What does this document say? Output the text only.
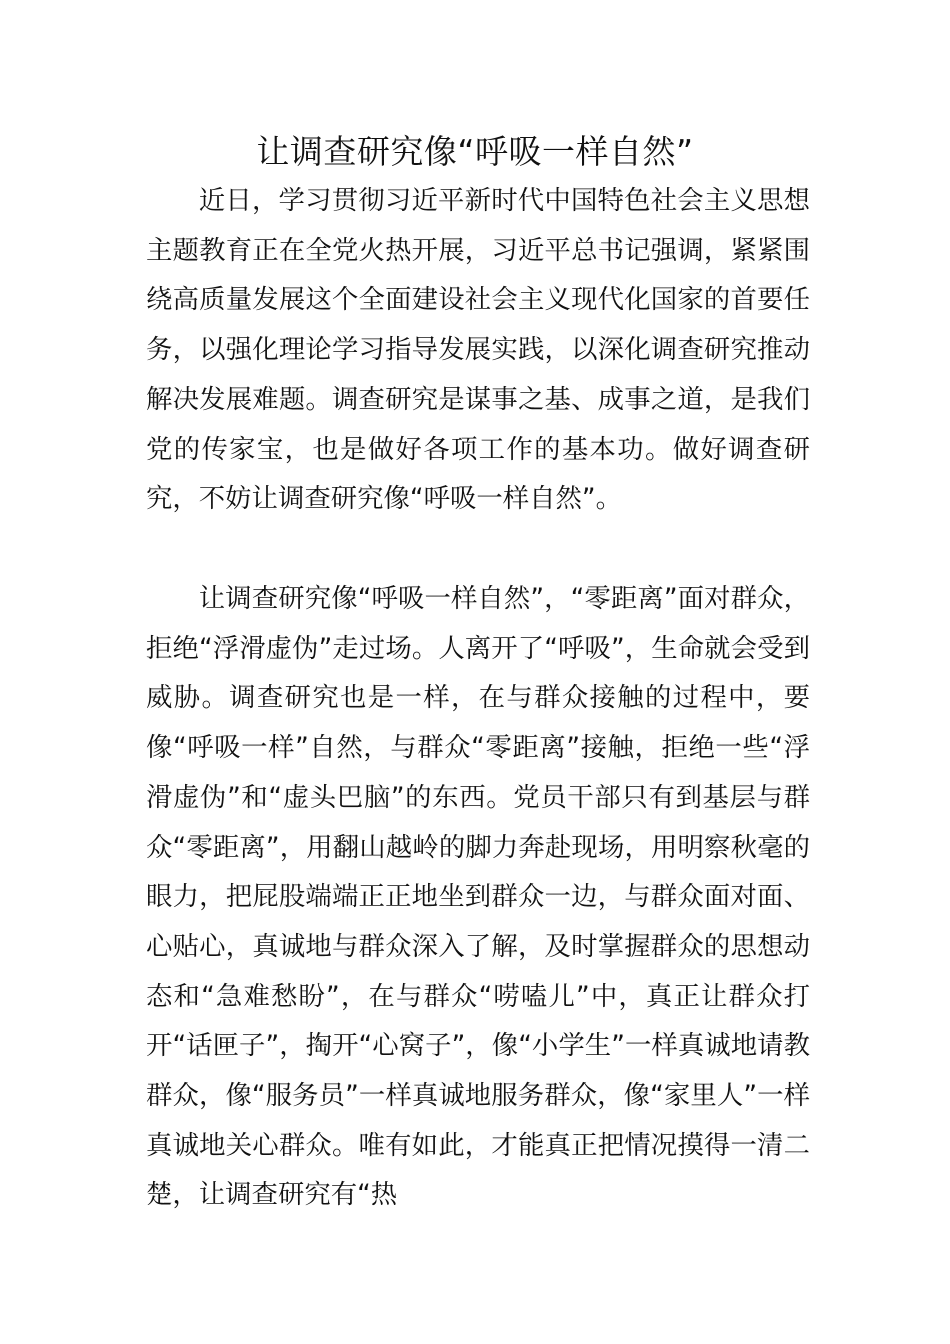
让调查研究像“呼吸一样自然”

近日，学习贯彻习近平新时代中国特色社会主义思想主题教育正在全党火热开展，习近平总书记强调，紧紧围绕高质量发展这个全面建设社会主义现代化国家的首要任务，以强化理论学习指导发展实践，以深化调查研究推动解决发展难题。调查研究是谋事之基、成事之道，是我们党的传家宝，也是做好各项工作的基本功。做好调查研究，不妨让调查研究像“呼吸一样自然”。

让调查研究像“呼吸一样自然”，“零距离”面对群众，拒绝“浮滑虚伪”走过场。人离开了“呼吸”，生命就会受到威胁。调查研究也是一样，在与群众接触的过程中，要像“呼吸一样”自然，与群众“零距离”接触，拒绝一些“浮滑虚伪”和“虚头巴脑”的东西。党员干部只有到基层与群众“零距离”，用翻山越岭的脚力奔赴现场，用明察秋毫的眼力，把屁股端端正正地坐到群众一边，与群众面对面、心贴心，真诚地与群众深入了解，及时掌握群众的思想动态和“急难愁盼”，在与群众“唠嗑儿”中，真正让群众打开“话匣子”，掏开“心窝子”，像“小学生”一样真诚地请教群众，像“服务员”一样真诚地服务群众，像“家里人”一样真诚地关心群众。唯有如此，才能真正把情况摸得一清二楚，让调查研究有“热
